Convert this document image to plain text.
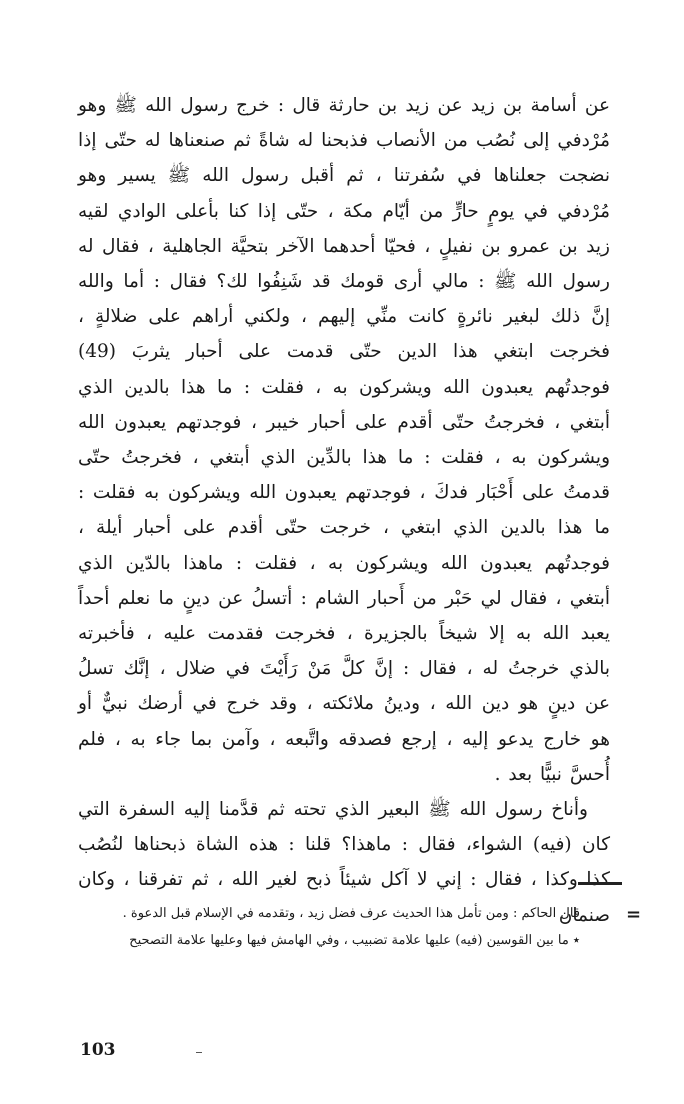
عن أسامة بن زيد عن زيد بن حارثة قال : خرج رسول الله ﷺ وهو مُرْدفي إلى نُصُب من الأنصاب فذبحنا له شاةً ثم صنعناها له حتّى إذا نضجت جعلناها في سُفرتنا ، ثم أقبل رسول الله ﷺ يسير وهو مُرْدفي في يومٍ حارٍّ من أيّام مكة ، حتّى إذا كنا بأعلى الوادي لقيه زيد بن عمرو بن نفيلٍ ، فحيّا أحدهما الآخر بتحيَّة الجاهلية ، فقال له رسول الله ﷺ : مالي أرى قومك قد شَنِفُوا لك؟ فقال : أما والله إنَّ ذلك لبغير نائرةٍ كانت منِّي إليهم ، ولكني أراهم على ضلالةٍ ، فخرجت ابتغي هذا الدين حتّى قدمت على أحبار يثربَ (49) فوجدتُهم يعبدون الله ويشركون به ، فقلت : ما هذا بالدين الذي أبتغي ، فخرجتُ حتّى أقدم على أحبار خيبر ، فوجدتهم يعبدون الله ويشركون به ، فقلت : ما هذا بالدِّين الذي أبتغي ، فخرجتُ حتّى قدمتُ على أَحْبَار فدكَ ، فوجدتهم يعبدون الله ويشركون به فقلت : ما هذا بالدين الذي ابتغي ، خرجت حتّى أقدم على أحبار أيلة ، فوجدتُهم يعبدون الله ويشركون به ، فقلت : ماهذا بالدّين الذي أبتغي ، فقال لي حَبْر من أَحبار الشام : أتسلُ عن دينٍ ما نعلم أحداً يعبد الله به إلا شيخاً بالجزيرة ، فخرجت فقدمت عليه ، فأخبرته بالذي خرجتُ له ، فقال : إنَّ كلَّ مَنْ رَأَيْتَ في ضلال ، إنَّك تسلُ عن دينٍ هو دين الله ، ودينُ ملائكته ، وقد خرج في أرضك نبيٌّ أو هو خارج يدعو إليه ، إرجع فصدقه واتَّبعه ، وآمن بما جاء به ، فلم أُحسَّ نبيًّا بعد .

وأناخ رسول الله ﷺ البعير الذي تحته ثم قدَّمنا إليه السفرة التي كان (فيه) الشواء، فقال : ماهذا؟ قلنا : هذه الشاة ذبحناها لنُصُب كذا وكذا ، فقال : إني لا آكل شيئاً ذبح لغير الله ، ثم تفرقنا ، وكان صنمان =

قال الحاكم : ومن تأمل هذا الحديث عرف فضل زيد ، وتقدمه في الإسلام قبل الدعوة .

٭ ما بين القوسين (فيه) عليها علامة تضبيب ، وفي الهامش فيها وعليها علامة التصحيح

103
